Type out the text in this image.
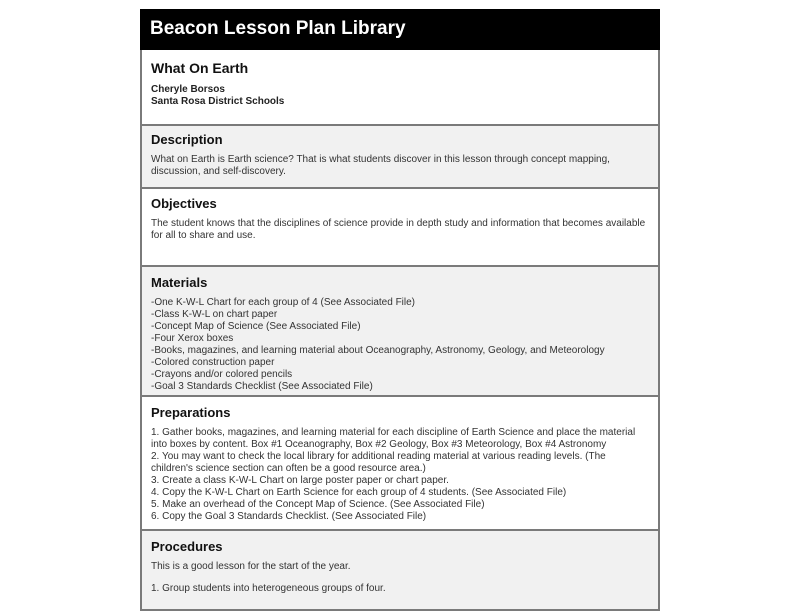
Beacon Lesson Plan Library
What On Earth
Cheryle Borsos
Santa Rosa District Schools
Description

What on Earth is Earth science? That is what students discover in this lesson through concept mapping, discussion, and self-discovery.

Objectives

The student knows that the disciplines of science provide in depth study and information that becomes available for all to share and use.

Materials
-One K-W-L Chart for each group of 4 (See Associated File)
-Class K-W-L on chart paper
-Concept Map of Science (See Associated File)
-Four Xerox boxes
-Books, magazines, and learning material about Oceanography, Astronomy, Geology, and Meteorology
-Colored construction paper
-Crayons and/or colored pencils
-Goal 3 Standards Checklist (See Associated File)
Preparations
1. Gather books, magazines, and learning material for each discipline of Earth Science and place the material into boxes by content. Box #1 Oceanography, Box #2 Geology, Box #3 Meteorology, Box #4 Astronomy
2. You may want to check the local library for additional reading material at various reading levels. (The children's science section can often be a good resource area.)
3. Create a class K-W-L Chart on large poster paper or chart paper.
4. Copy the K-W-L Chart on Earth Science for each group of 4 students. (See Associated File)
5. Make an overhead of the Concept Map of Science. (See Associated File)
6. Copy the Goal 3 Standards Checklist. (See Associated File)
Procedures
This is a good lesson for the start of the year.
1. Group students into heterogeneous groups of four.
